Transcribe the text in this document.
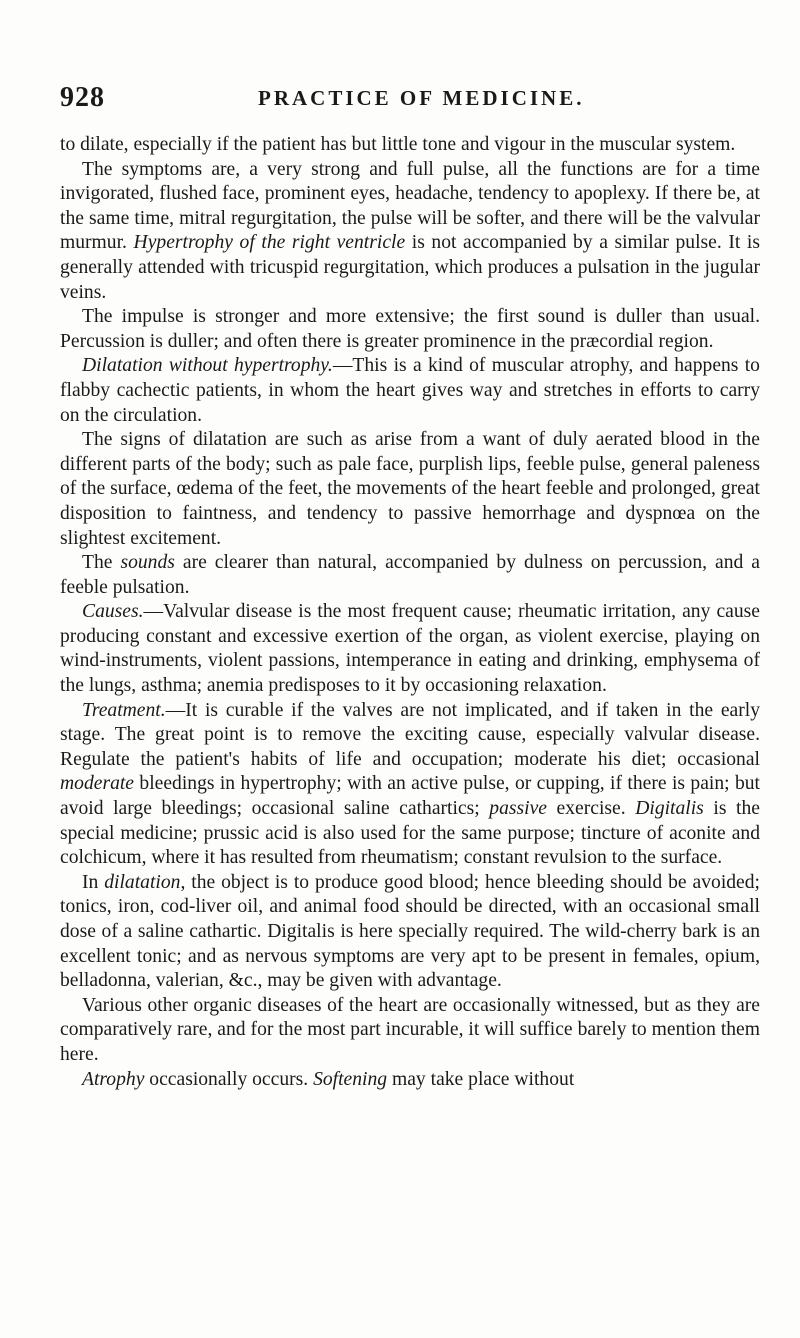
928	PRACTICE OF MEDICINE.

to dilate, especially if the patient has but little tone and vigour in the muscular system.

The symptoms are, a very strong and full pulse, all the functions are for a time invigorated, flushed face, prominent eyes, headache, tendency to apoplexy. If there be, at the same time, mitral regurgitation, the pulse will be softer, and there will be the valvular murmur. Hypertrophy of the right ventricle is not accompanied by a similar pulse. It is generally attended with tricuspid regurgitation, which produces a pulsation in the jugular veins.

The impulse is stronger and more extensive; the first sound is duller than usual. Percussion is duller; and often there is greater prominence in the præcordial region.

Dilatation without hypertrophy.—This is a kind of muscular atrophy, and happens to flabby cachectic patients, in whom the heart gives way and stretches in efforts to carry on the circulation.

The signs of dilatation are such as arise from a want of duly aerated blood in the different parts of the body; such as pale face, purplish lips, feeble pulse, general paleness of the surface, œdema of the feet, the movements of the heart feeble and prolonged, great disposition to faintness, and tendency to passive hemorrhage and dyspnœa on the slightest excitement.

The sounds are clearer than natural, accompanied by dulness on percussion, and a feeble pulsation.

Causes.—Valvular disease is the most frequent cause; rheumatic irritation, any cause producing constant and excessive exertion of the organ, as violent exercise, playing on wind-instruments, violent passions, intemperance in eating and drinking, emphysema of the lungs, asthma; anemia predisposes to it by occasioning relaxation.

Treatment.—It is curable if the valves are not implicated, and if taken in the early stage. The great point is to remove the exciting cause, especially valvular disease. Regulate the patient's habits of life and occupation; moderate his diet; occasional moderate bleedings in hypertrophy; with an active pulse, or cupping, if there is pain; but avoid large bleedings; occasional saline cathartics; passive exercise. Digitalis is the special medicine; prussic acid is also used for the same purpose; tincture of aconite and colchicum, where it has resulted from rheumatism; constant revulsion to the surface.

In dilatation, the object is to produce good blood; hence bleeding should be avoided; tonics, iron, cod-liver oil, and animal food should be directed, with an occasional small dose of a saline cathartic. Digitalis is here specially required. The wild-cherry bark is an excellent tonic; and as nervous symptoms are very apt to be present in females, opium, belladonna, valerian, &c., may be given with advantage.

Various other organic diseases of the heart are occasionally witnessed, but as they are comparatively rare, and for the most part incurable, it will suffice barely to mention them here.

Atrophy occasionally occurs. Softening may take place without
